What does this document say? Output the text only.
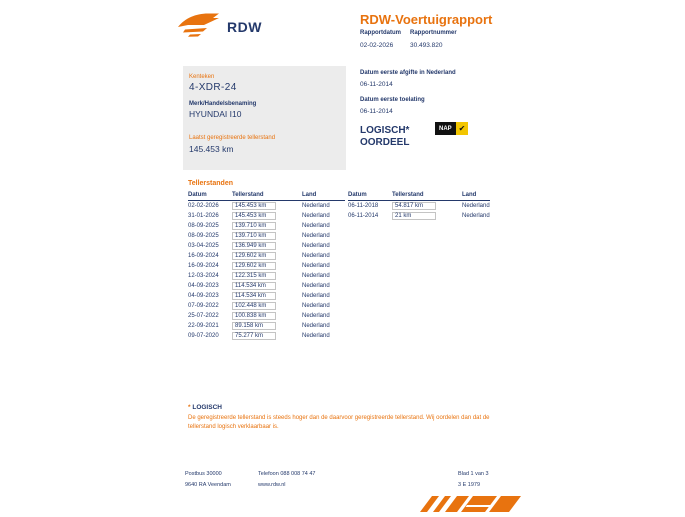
RDW	RDW-Voertuigrapport
Rapportdatum
02-02-2026
Rapportnummer
30.493.820
Kenteken
4-XDR-24
Merk/Handelsbenaming
HYUNDAI I10
Laatst geregistreerde tellerstand
145.453 km
Datum eerste afgifte in Nederland
06-11-2014
Datum eerste toelating
06-11-2014
LOGISCH*
OORDEEL
NAP ✔
Tellerstanden
Datum	Tellerstand	Land
02-02-2026	145.453 km	Nederland
31-01-2026	145.453 km	Nederland
08-09-2025	139.710 km	Nederland
08-09-2025	139.710 km	Nederland
03-04-2025	136.949 km	Nederland
16-09-2024	129.602 km	Nederland
16-09-2024	129.602 km	Nederland
12-03-2024	122.315 km	Nederland
04-09-2023	114.534 km	Nederland
04-09-2023	114.534 km	Nederland
07-09-2022	102.448 km	Nederland
25-07-2022	100.838 km	Nederland
22-09-2021	89.158 km	Nederland
09-07-2020	75.277 km	Nederland
Datum	Tellerstand	Land
06-11-2018	54.817 km	Nederland
06-11-2014	21 km	Nederland
* LOGISCH
De geregistreerde tellerstand is steeds hoger dan de daarvoor geregistreerde tellerstand. Wij oordelen dan dat de tellerstand logisch verklaarbaar is.
Postbus 30000
9640 RA Veendam
Telefoon 088 008 74 47
www.rdw.nl
Blad 1 van 3
3 E 1979
